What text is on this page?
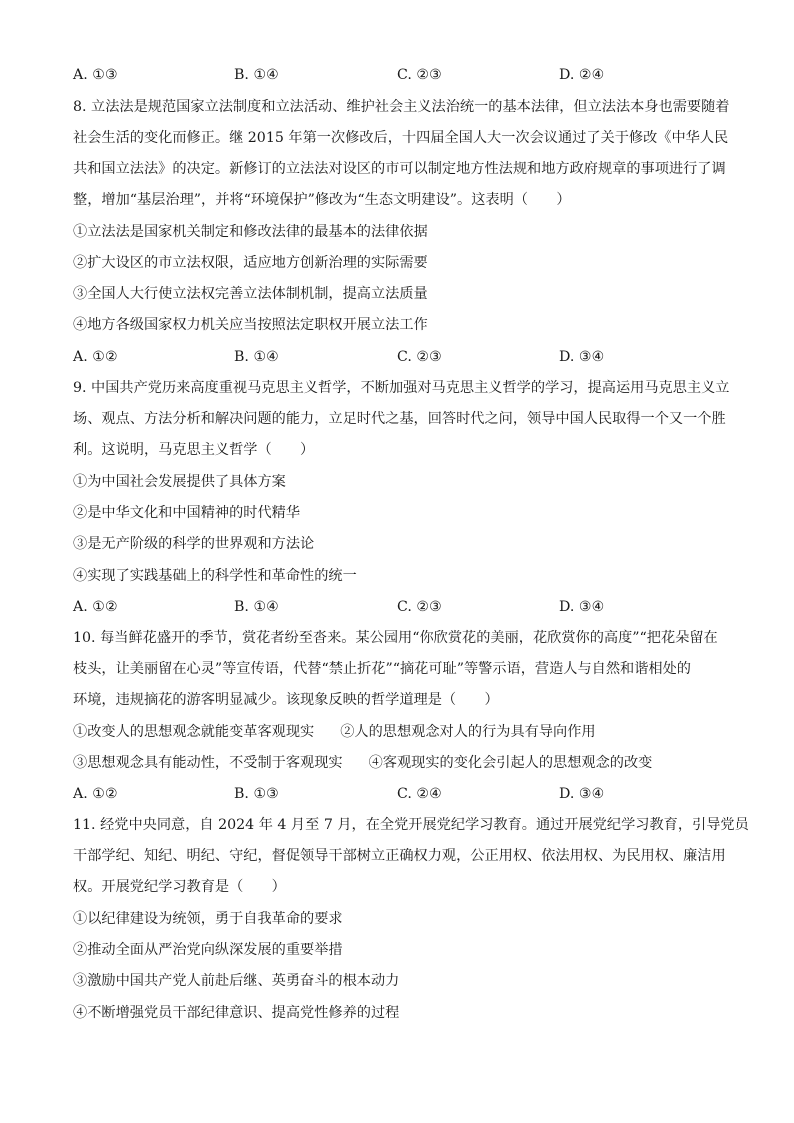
A. ①③	B. ①④	C. ②③	D. ②④
8. 立法法是规范国家立法制度和立法活动、维护社会主义法治统一的基本法律，但立法法本身也需要随着
社会生活的变化而修正。继 2015 年第一次修改后，十四届全国人大一次会议通过了关于修改《中华人民
共和国立法法》的决定。新修订的立法法对设区的市可以制定地方性法规和地方政府规章的事项进行了调
整，增加“基层治理”，并将“环境保护”修改为“生态文明建设”。这表明（　　）
①立法法是国家机关制定和修改法律的最基本的法律依据
②扩大设区的市立法权限，适应地方创新治理的实际需要
③全国人大行使立法权完善立法体制机制，提高立法质量
④地方各级国家权力机关应当按照法定职权开展立法工作
A. ①②	B. ①④	C. ②③	D. ③④
9. 中国共产党历来高度重视马克思主义哲学，不断加强对马克思主义哲学的学习，提高运用马克思主义立
场、观点、方法分析和解决问题的能力，立足时代之基，回答时代之问，领导中国人民取得一个又一个胜
利。这说明，马克思主义哲学（　　）
①为中国社会发展提供了具体方案
②是中华文化和中国精神的时代精华
③是无产阶级的科学的世界观和方法论
④实现了实践基础上的科学性和革命性的统一
A. ①②	B. ①④	C. ②③	D. ③④
10. 每当鲜花盛开的季节，赏花者纷至沓来。某公园用“你欣赏花的美丽，花欣赏你的高度”“把花朵留在
枝头，让美丽留在心灵”等宣传语，代替“禁止折花”“摘花可耻”等警示语，营造人与自然和谐相处的
环境，违规摘花的游客明显减少。该现象反映的哲学道理是（　　）
①改变人的思想观念就能变革客观现实 ②人的思想观念对人的行为具有导向作用
③思想观念具有能动性，不受制于客观现实 ④客观现实的变化会引起人的思想观念的改变
A. ①②	B. ①③	C. ②④	D. ③④
11. 经党中央同意，自 2024 年 4 月至 7 月，在全党开展党纪学习教育。通过开展党纪学习教育，引导党员
干部学纪、知纪、明纪、守纪，督促领导干部树立正确权力观，公正用权、依法用权、为民用权、廉洁用
权。开展党纪学习教育是（　　）
①以纪律建设为统领，勇于自我革命的要求
②推动全面从严治党向纵深发展的重要举措
③激励中国共产党人前赴后继、英勇奋斗的根本动力
④不断增强党员干部纪律意识、提高党性修养的过程
